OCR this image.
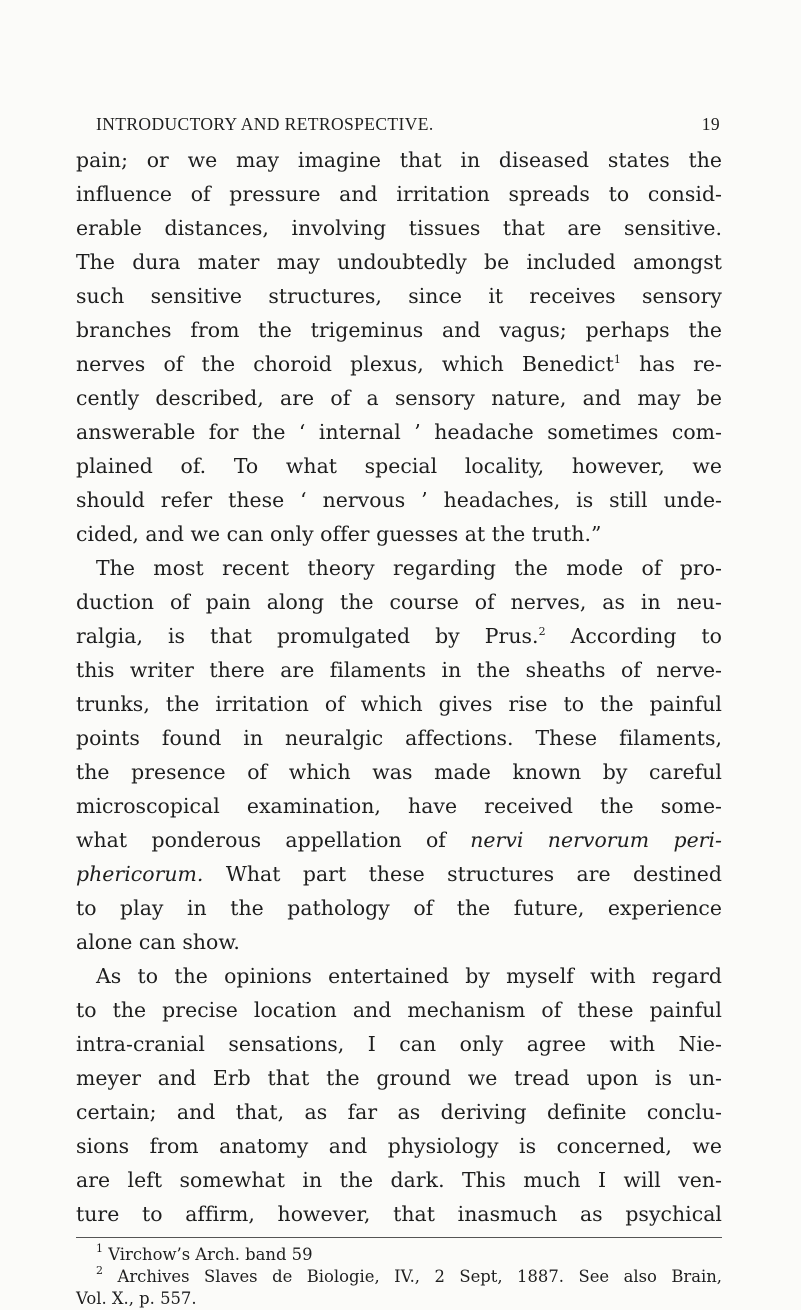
INTRODUCTORY AND RETROSPECTIVE.	19
pain; or we may imagine that in diseased states the
influence of pressure and irritation spreads to consid-
erable distances, involving tissues that are sensitive.
The dura mater may undoubtedly be included amongst
such sensitive structures, since it receives sensory
branches from the trigeminus and vagus; perhaps the
nerves of the choroid plexus, which Benedict$^1$ has re-
cently described, are of a sensory nature, and may be
answerable for the ‘ internal ’ headache sometimes com-
plained of. To what special locality, however, we
should refer these ‘ nervous ’ headaches, is still unde-
cided, and we can only offer guesses at the truth.”
The most recent theory regarding the mode of pro-
duction of pain along the course of nerves, as in neu-
ralgia, is that promulgated by Prus.$^2$ According to
this writer there are filaments in the sheaths of nerve-
trunks, the irritation of which gives rise to the painful
points found in neuralgic affections. These filaments,
the presence of which was made known by careful
microscopical examination, have received the some-
what ponderous appellation of nervi nervorum peri-
phericorum. What part these structures are destined
to play in the pathology of the future, experience
alone can show.
As to the opinions entertained by myself with regard
to the precise location and mechanism of these painful
intra-cranial sensations, I can only agree with Nie-
meyer and Erb that the ground we tread upon is un-
certain; and that, as far as deriving definite conclu-
sions from anatomy and physiology is concerned, we
are left somewhat in the dark. This much I will ven-
ture to affirm, however, that inasmuch as psychical
$^1$ Virchow’s Arch. band 59
$^2$ Archives Slaves de Biologie, IV., 2 Sept, 1887. See also Brain,
Vol. X., p. 557.
